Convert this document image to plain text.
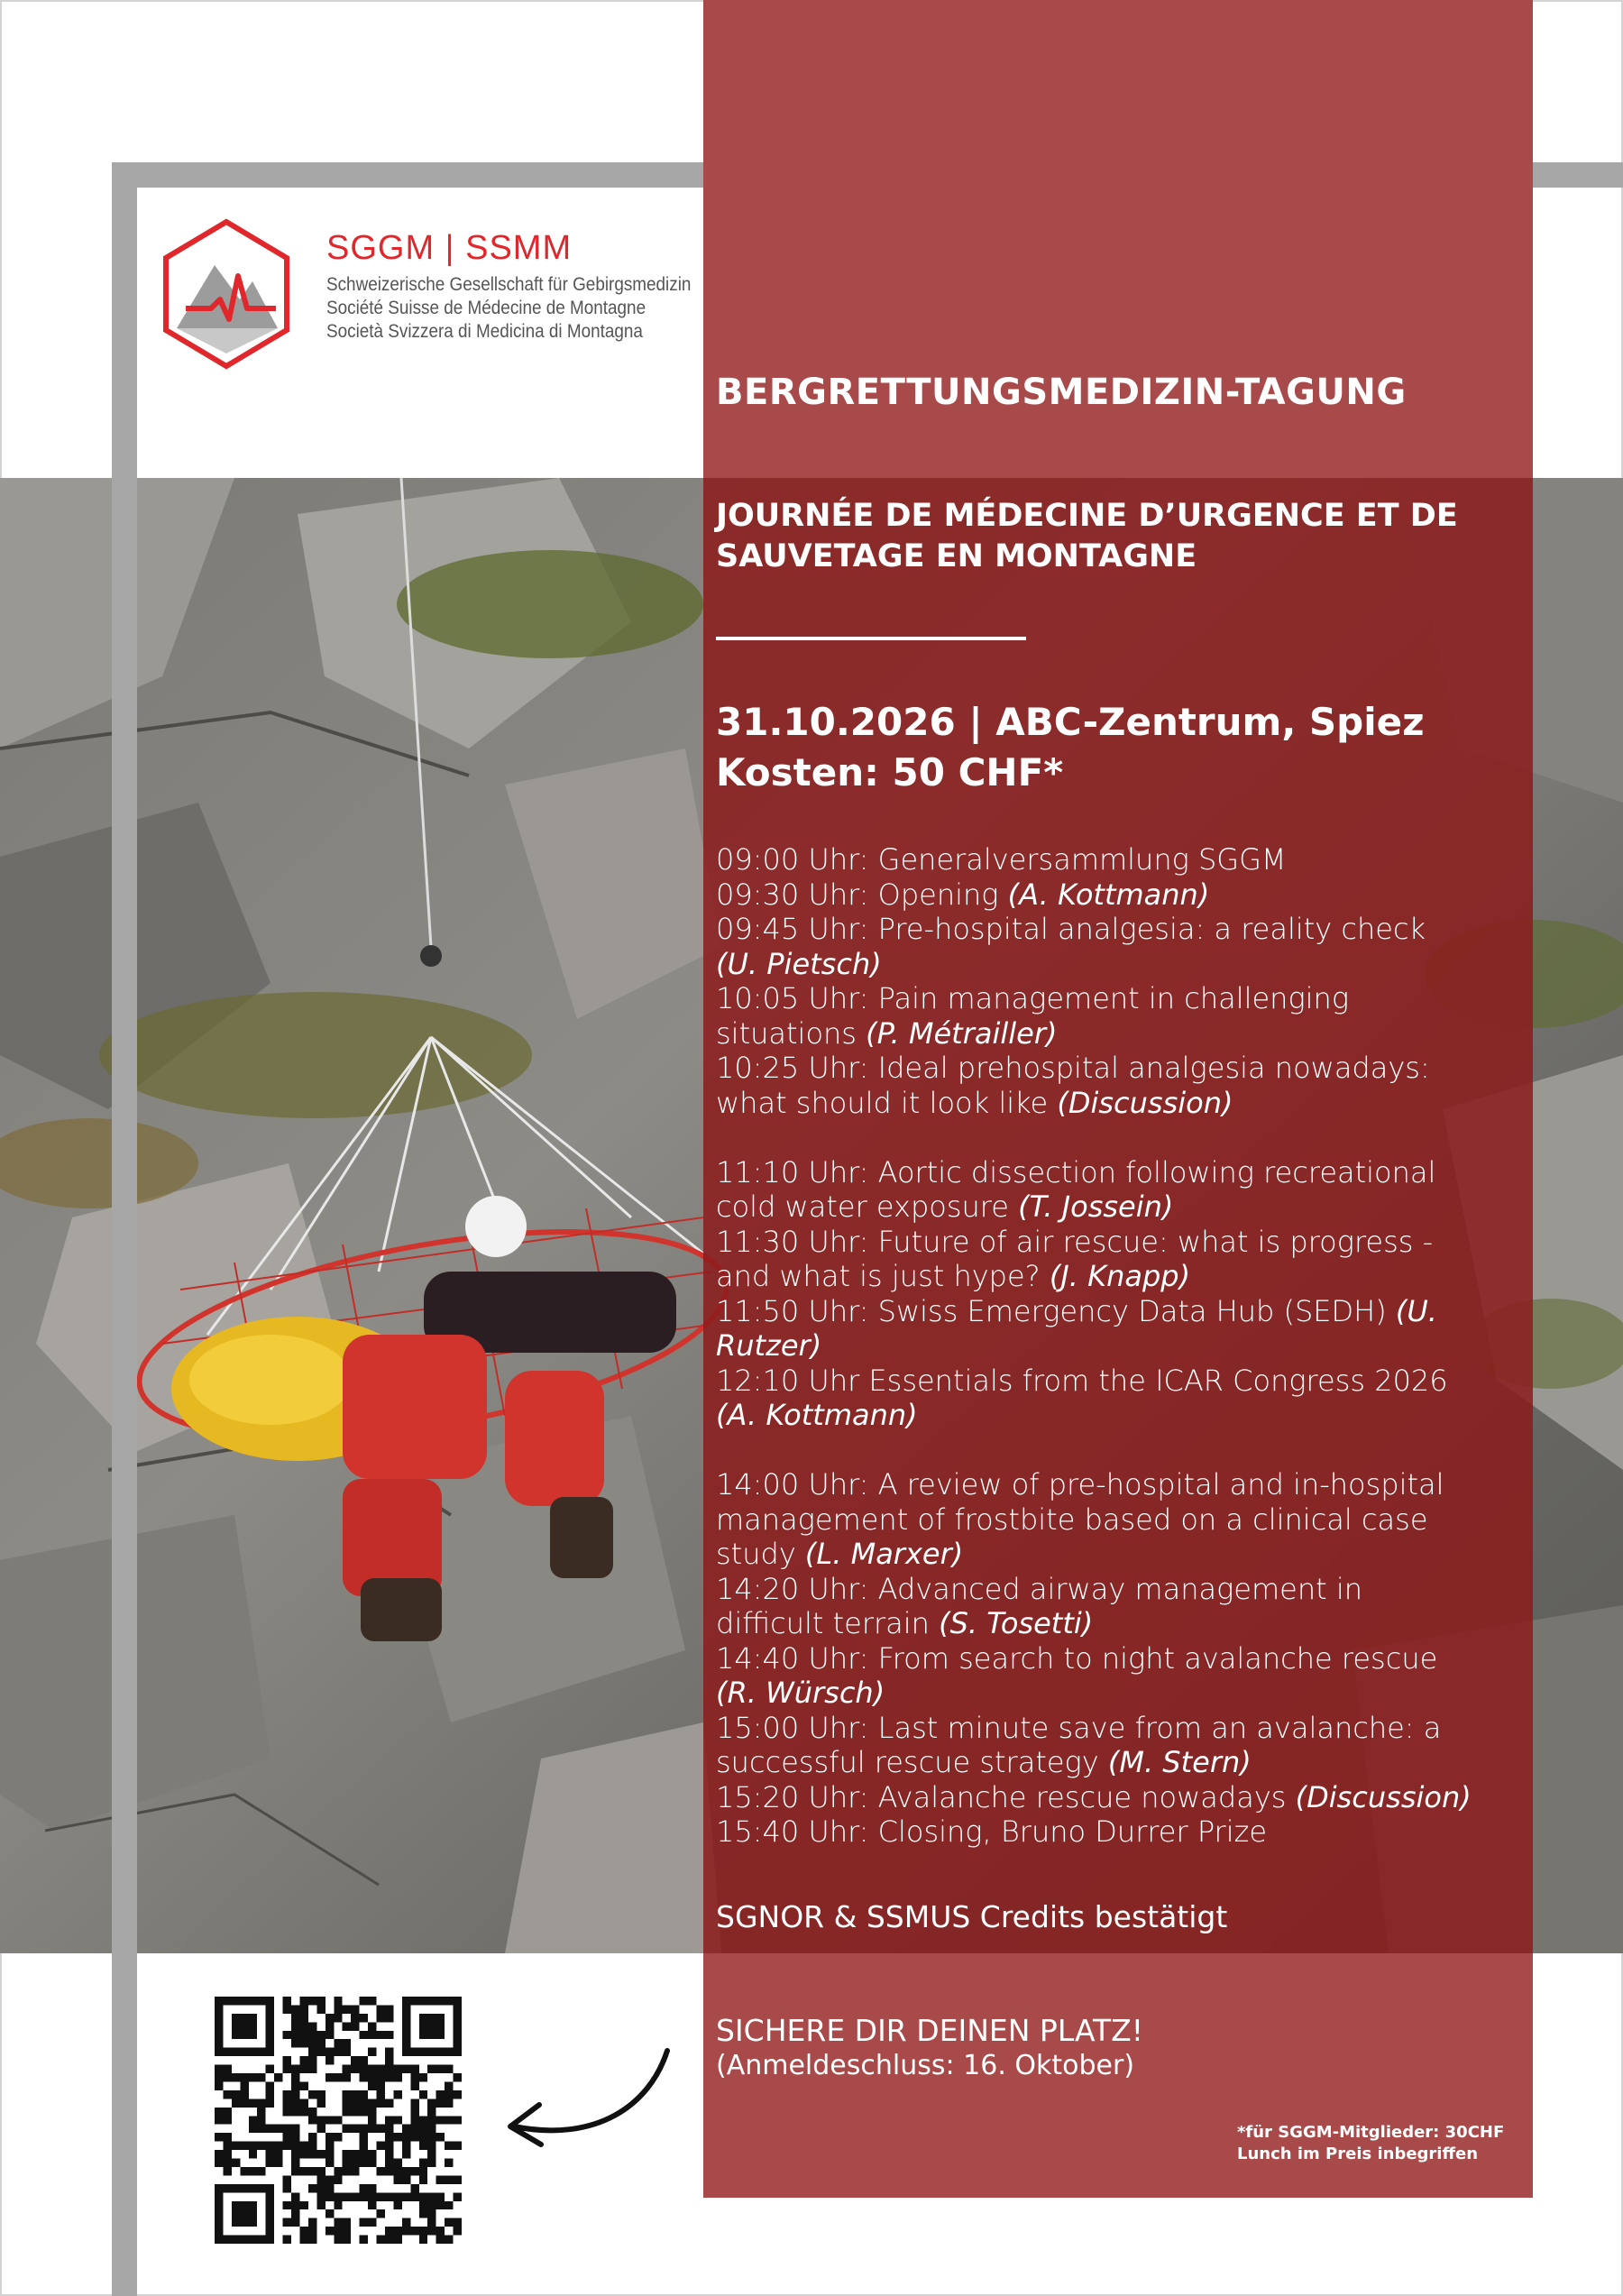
SGGM | SSMM
Schweizerische Gesellschaft für Gebirgsmedizin
Société Suisse de Médecine de Montagne
Società Svizzera di Medicina di Montagna
BERGRETTUNGSMEDIZIN-TAGUNG
JOURNÉE DE MÉDECINE D’URGENCE ET DE
SAUVETAGE EN MONTAGNE
31.10.2026 | ABC-Zentrum, Spiez
Kosten: 50 CHF*
09:00 Uhr: Generalversammlung SGGM
09:30 Uhr: Opening (A. Kottmann)
09:45 Uhr: Pre-hospital analgesia: a reality check
(U. Pietsch)
10:05 Uhr: Pain management in challenging
situations (P. Métrailler)
10:25 Uhr: Ideal prehospital analgesia nowadays:
what should it look like (Discussion)
11:10 Uhr: Aortic dissection following recreational
cold water exposure (T. Jossein)
11:30 Uhr: Future of air rescue: what is progress -
and what is just hype? (J. Knapp)
11:50 Uhr: Swiss Emergency Data Hub (SEDH) (U.
Rutzer)
12:10 Uhr Essentials from the ICAR Congress 2026
(A. Kottmann)
14:00 Uhr: A review of pre-hospital and in-hospital
management of frostbite based on a clinical case
study (L. Marxer)
14:20 Uhr: Advanced airway management in
difficult terrain (S. Tosetti)
14:40 Uhr: From search to night avalanche rescue
(R. Würsch)
15:00 Uhr: Last minute save from an avalanche: a
successful rescue strategy (M. Stern)
15:20 Uhr: Avalanche rescue nowadays (Discussion)
15:40 Uhr: Closing, Bruno Durrer Prize
SGNOR & SSMUS Credits bestätigt
SICHERE DIR DEINEN PLATZ!
(Anmeldeschluss: 16. Oktober)
*für SGGM-Mitglieder: 30CHF
Lunch im Preis inbegriffen
